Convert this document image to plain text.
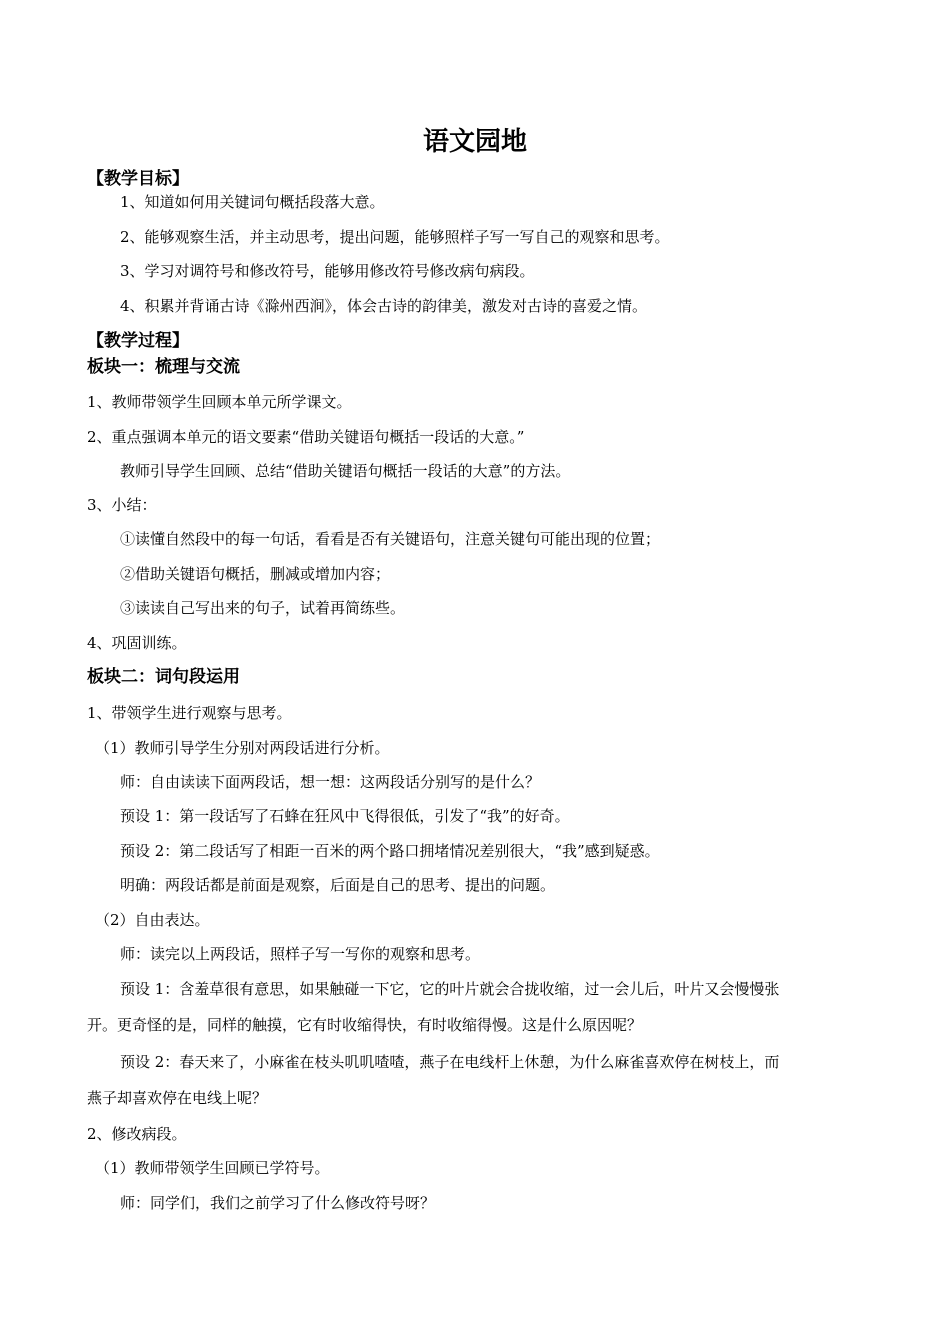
语文园地
【教学目标】
1、知道如何用关键词句概括段落大意。
2、能够观察生活，并主动思考，提出问题，能够照样子写一写自己的观察和思考。
3、学习对调符号和修改符号，能够用修改符号修改病句病段。
4、积累并背诵古诗《滁州西涧》，体会古诗的韵律美，激发对古诗的喜爱之情。
【教学过程】
板块一：梳理与交流
1、教师带领学生回顾本单元所学课文。
2、重点强调本单元的语文要素“借助关键语句概括一段话的大意。”
教师引导学生回顾、总结“借助关键语句概括一段话的大意”的方法。
3、小结：
①读懂自然段中的每一句话，看看是否有关键语句，注意关键句可能出现的位置；
②借助关键语句概括，删减或增加内容；
③读读自己写出来的句子，试着再简练些。
4、巩固训练。
板块二：词句段运用
1、带领学生进行观察与思考。
（1）教师引导学生分别对两段话进行分析。
师：自由读读下面两段话，想一想：这两段话分别写的是什么？
预设 1：第一段话写了石蜂在狂风中飞得很低，引发了“我”的好奇。
预设 2：第二段话写了相距一百米的两个路口拥堵情况差别很大，“我”感到疑惑。
明确：两段话都是前面是观察，后面是自己的思考、提出的问题。
（2）自由表达。
师：读完以上两段话，照样子写一写你的观察和思考。
预设 1：含羞草很有意思，如果触碰一下它，它的叶片就会合拢收缩，过一会儿后，叶片又会慢慢张
开。更奇怪的是，同样的触摸，它有时收缩得快，有时收缩得慢。这是什么原因呢？
预设 2：春天来了，小麻雀在枝头叽叽喳喳，燕子在电线杆上休憩，为什么麻雀喜欢停在树枝上，而
燕子却喜欢停在电线上呢？
2、修改病段。
（1）教师带领学生回顾已学符号。
师：同学们，我们之前学习了什么修改符号呀？
